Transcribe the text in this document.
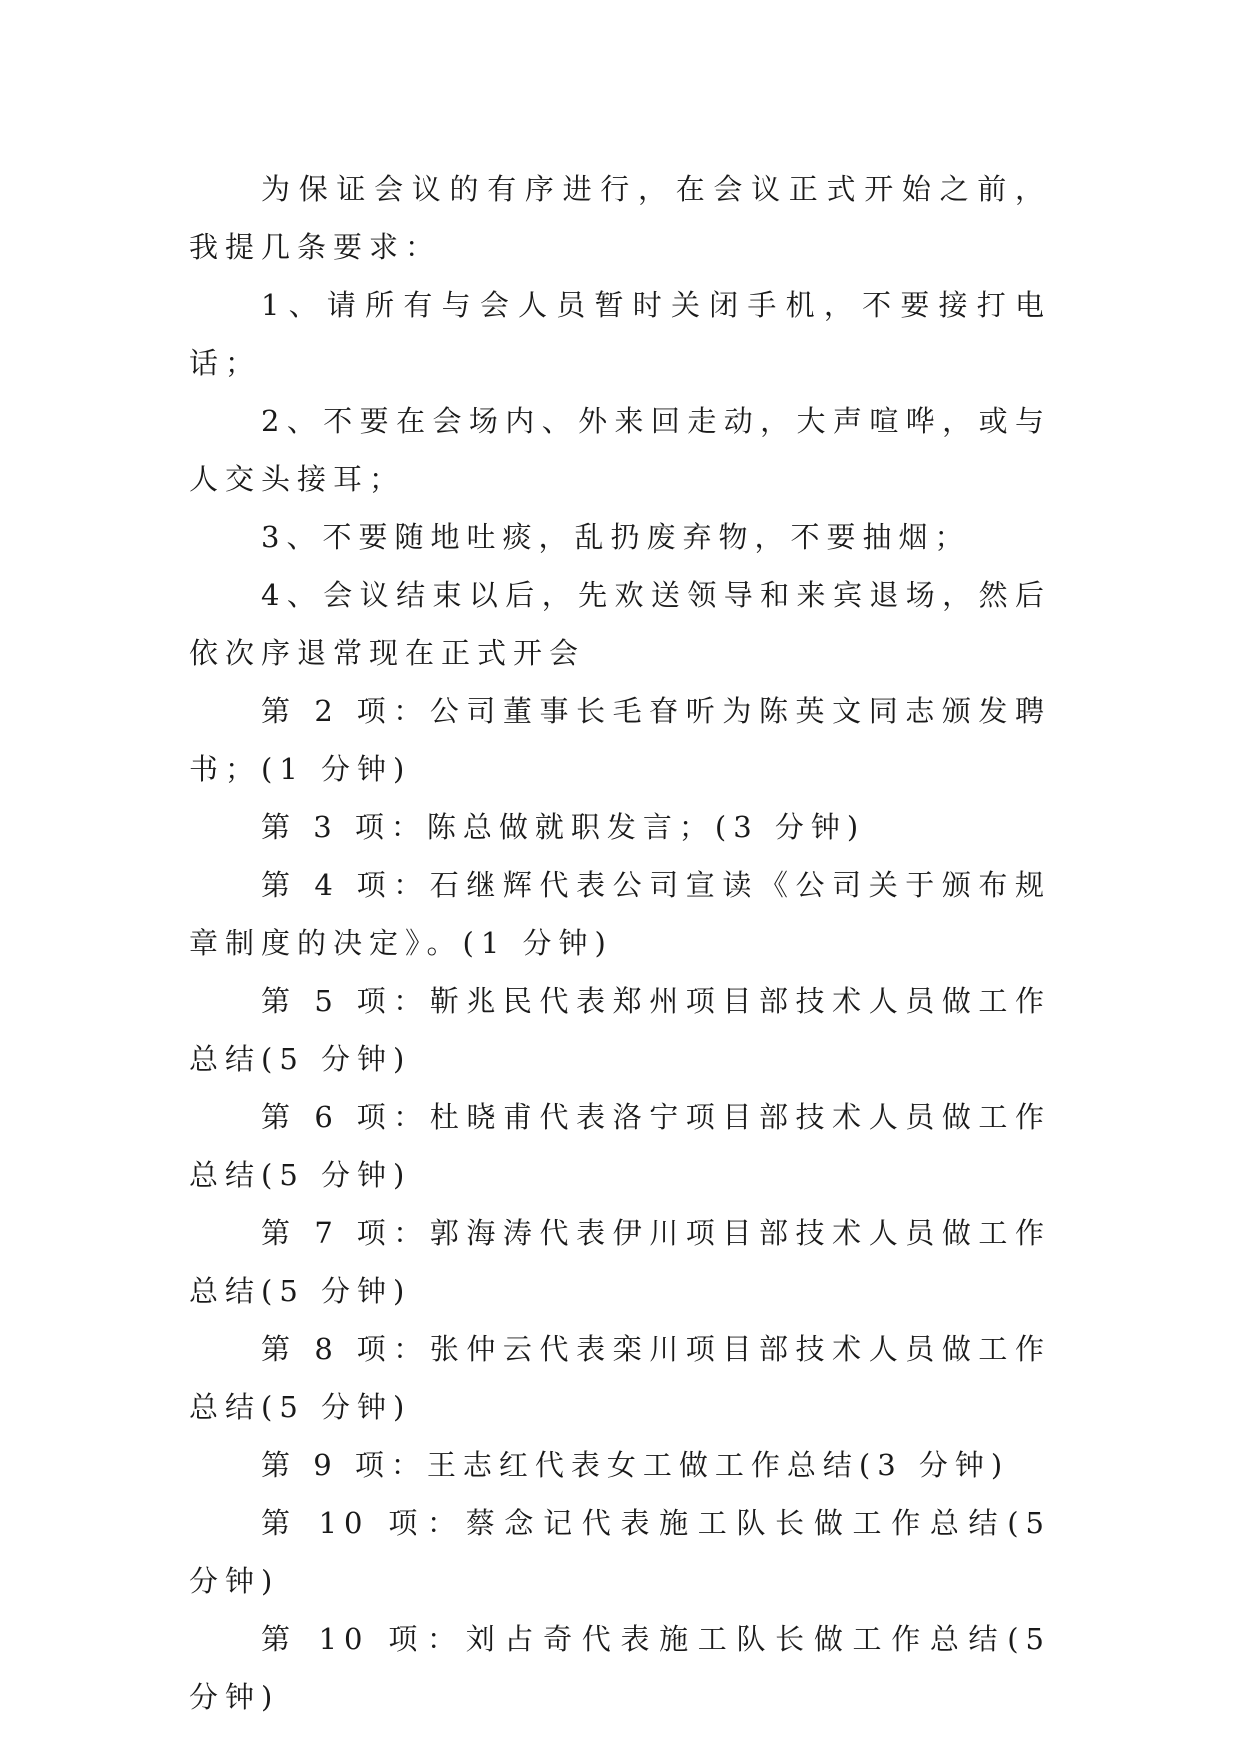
为保证会议的有序进行，在会议正式开始之前，我提几条要求：

1、请所有与会人员暂时关闭手机，不要接打电话；

2、不要在会场内、外来回走动，大声喧哗，或与人交头接耳；

3、不要随地吐痰，乱扔废弃物，不要抽烟；

4、会议结束以后，先欢送领导和来宾退场，然后依次序退常现在正式开会

第 2 项：公司董事长毛眘听为陈英文同志颁发聘书；(1 分钟)

第 3 项：陈总做就职发言；(3 分钟)

第 4 项：石继辉代表公司宣读《公司关于颁布规章制度的决定》。(1 分钟)

第 5 项：靳兆民代表郑州项目部技术人员做工作总结(5 分钟)

第 6 项：杜晓甫代表洛宁项目部技术人员做工作总结(5 分钟)

第 7 项：郭海涛代表伊川项目部技术人员做工作总结(5 分钟)

第 8 项：张仲云代表栾川项目部技术人员做工作总结(5 分钟)

第 9 项：王志红代表女工做工作总结(3 分钟)

第 10 项：蔡念记代表施工队长做工作总结(5 分钟)

第 10 项：刘占奇代表施工队长做工作总结(5 分钟)
